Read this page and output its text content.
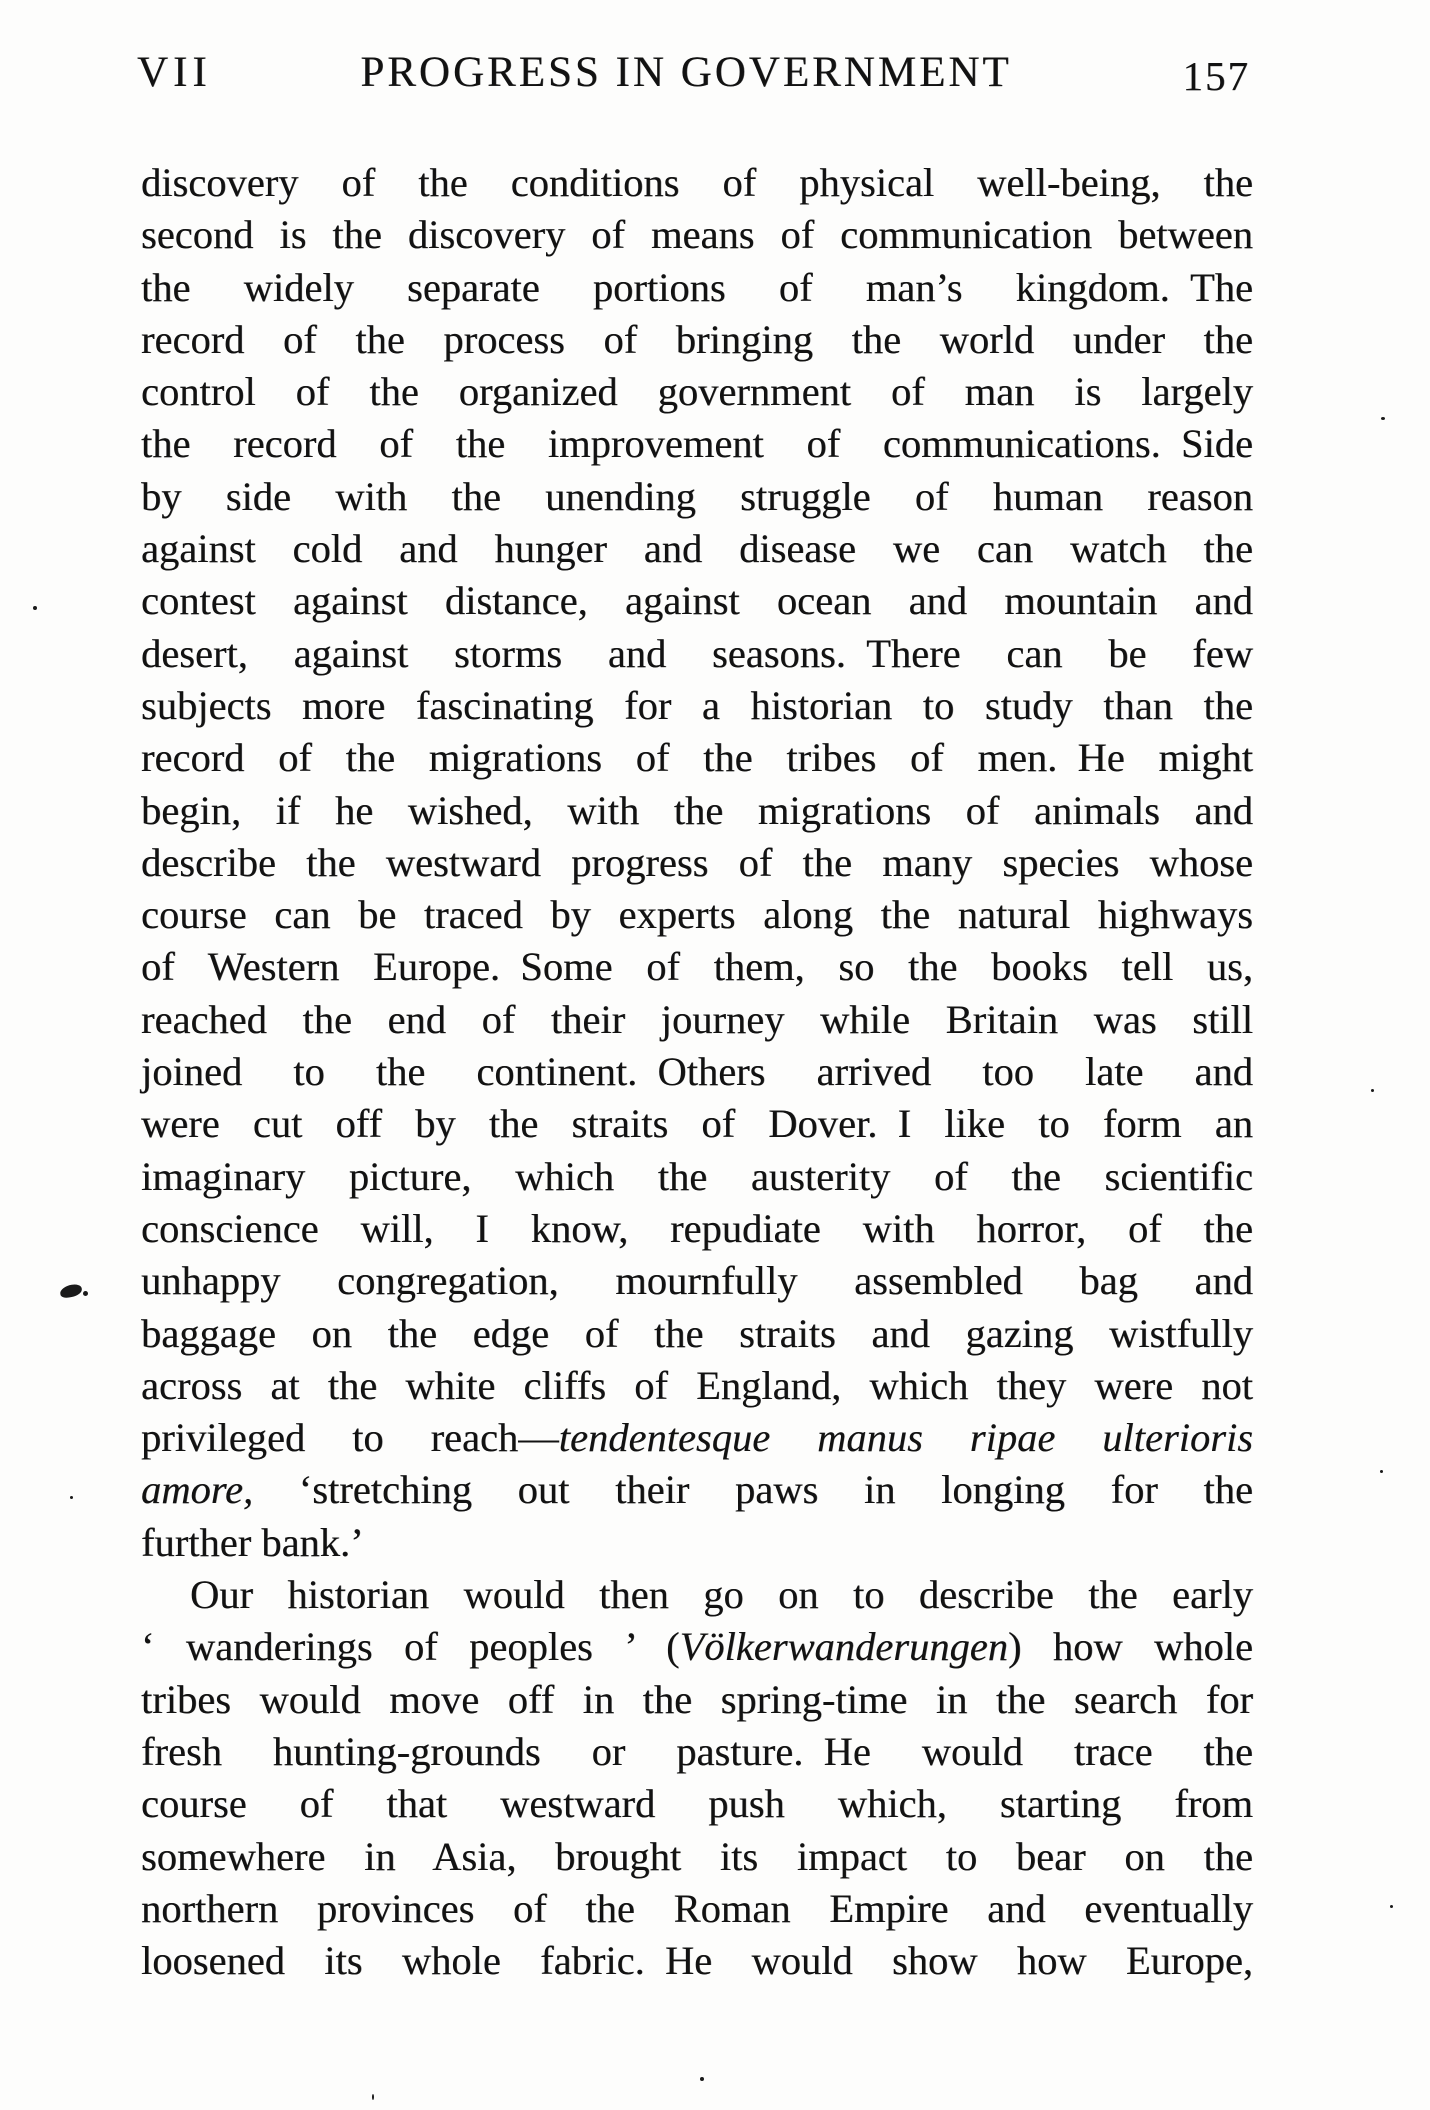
VII	PROGRESS IN GOVERNMENT	157
discovery of the conditions of physical well-being, the
second is the discovery of means of communication between
the widely separate portions of man’s kingdom. The
record of the process of bringing the world under the
control of the organized government of man is largely
the record of the improvement of communications. Side
by side with the unending struggle of human reason
against cold and hunger and disease we can watch the
contest against distance, against ocean and mountain and
desert, against storms and seasons. There can be few
subjects more fascinating for a historian to study than the
record of the migrations of the tribes of men. He might
begin, if he wished, with the migrations of animals and
describe the westward progress of the many species whose
course can be traced by experts along the natural highways
of Western Europe. Some of them, so the books tell us,
reached the end of their journey while Britain was still
joined to the continent. Others arrived too late and
were cut off by the straits of Dover. I like to form an
imaginary picture, which the austerity of the scientific
conscience will, I know, repudiate with horror, of the
unhappy congregation, mournfully assembled bag and
baggage on the edge of the straits and gazing wistfully
across at the white cliffs of England, which they were not
privileged to reach—tendentesque manus ripae ulterioris
amore, ‘stretching out their paws in longing for the
further bank.’
Our historian would then go on to describe the early
‘ wanderings of peoples ’ (Völkerwanderungen) how whole
tribes would move off in the spring-time in the search for
fresh hunting-grounds or pasture. He would trace the
course of that westward push which, starting from
somewhere in Asia, brought its impact to bear on the
northern provinces of the Roman Empire and eventually
loosened its whole fabric. He would show how Europe,
